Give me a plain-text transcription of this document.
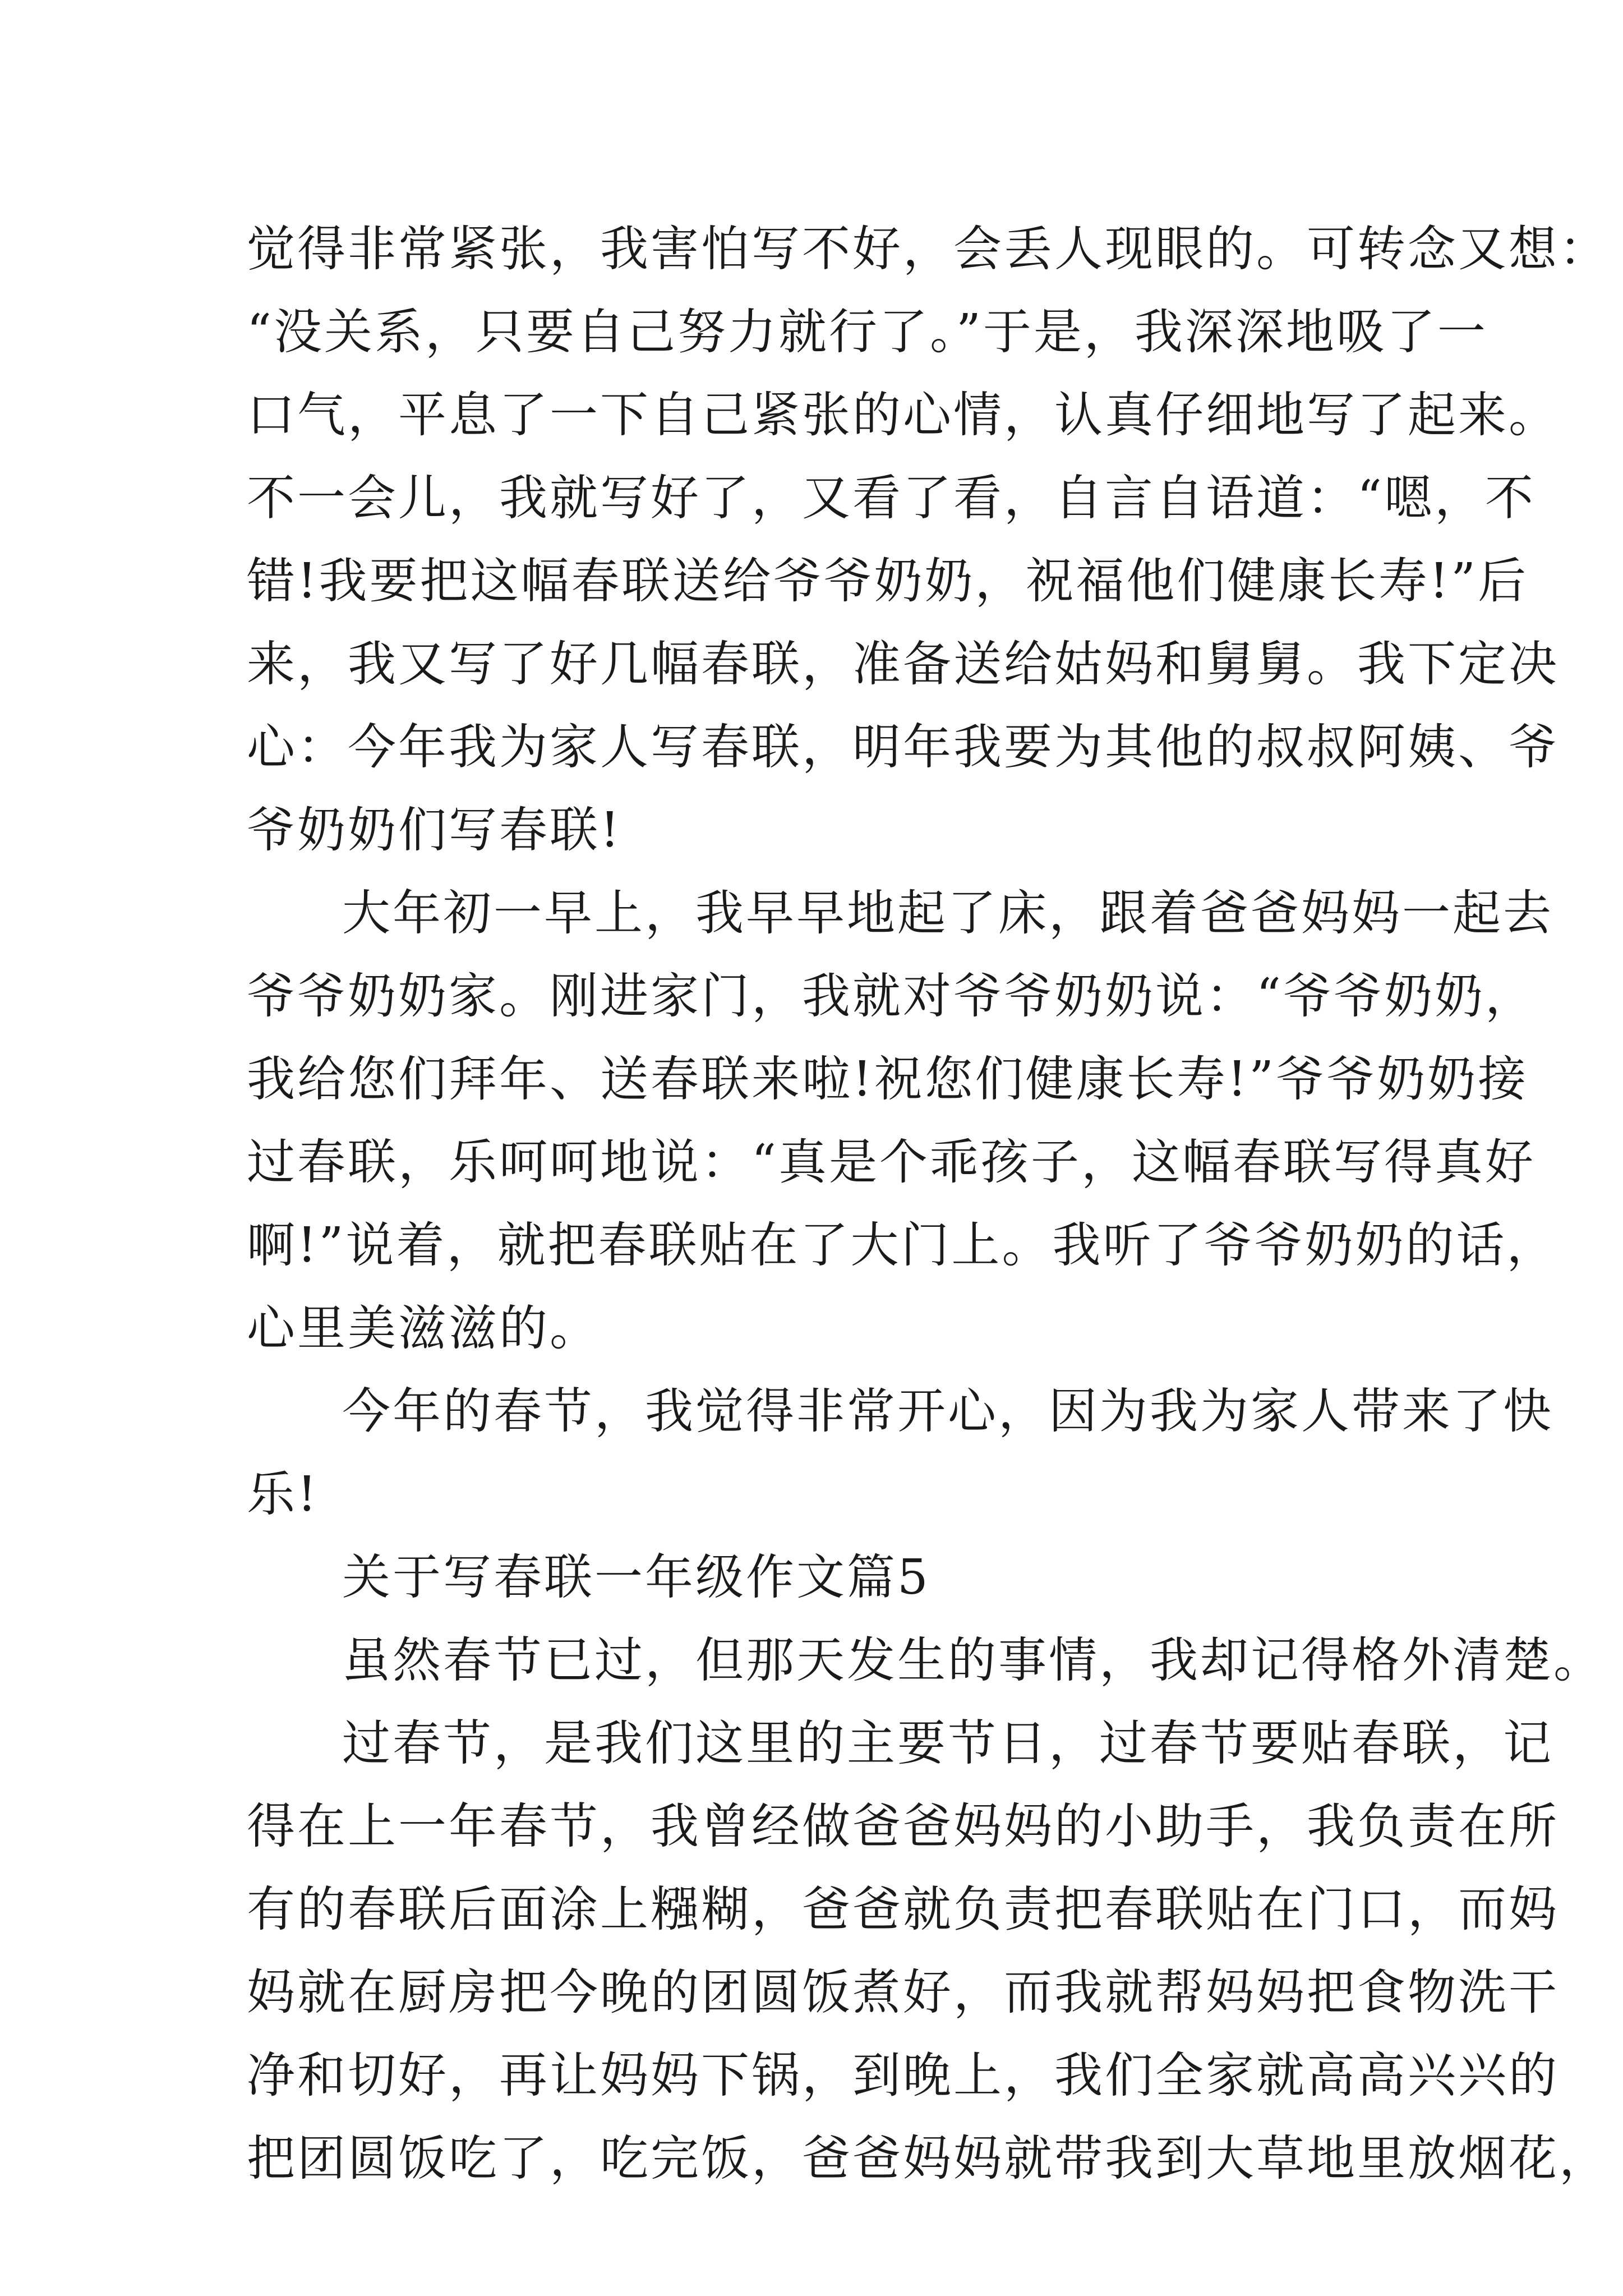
觉得非常紧张，我害怕写不好，会丢人现眼的。可转念又想：
“没关系，只要自己努力就行了。”于是，我深深地吸了一
口气，平息了一下自己紧张的心情，认真仔细地写了起来。
不一会儿，我就写好了，又看了看，自言自语道：“嗯，不
错!我要把这幅春联送给爷爷奶奶，祝福他们健康长寿!”后
来，我又写了好几幅春联，准备送给姑妈和舅舅。我下定决
心：今年我为家人写春联，明年我要为其他的叔叔阿姨、爷
爷奶奶们写春联!
大年初一早上，我早早地起了床，跟着爸爸妈妈一起去
爷爷奶奶家。刚进家门，我就对爷爷奶奶说：“爷爷奶奶，
我给您们拜年、送春联来啦!祝您们健康长寿!”爷爷奶奶接
过春联，乐呵呵地说：“真是个乖孩子，这幅春联写得真好
啊!”说着，就把春联贴在了大门上。我听了爷爷奶奶的话，
心里美滋滋的。
今年的春节，我觉得非常开心，因为我为家人带来了快
乐!
关于写春联一年级作文篇5
虽然春节已过，但那天发生的事情，我却记得格外清楚。
过春节，是我们这里的主要节日，过春节要贴春联，记
得在上一年春节，我曾经做爸爸妈妈的小助手，我负责在所
有的春联后面涂上糨糊，爸爸就负责把春联贴在门口，而妈
妈就在厨房把今晚的团圆饭煮好，而我就帮妈妈把食物洗干
净和切好，再让妈妈下锅，到晚上，我们全家就高高兴兴的
把团圆饭吃了，吃完饭，爸爸妈妈就带我到大草地里放烟花，
